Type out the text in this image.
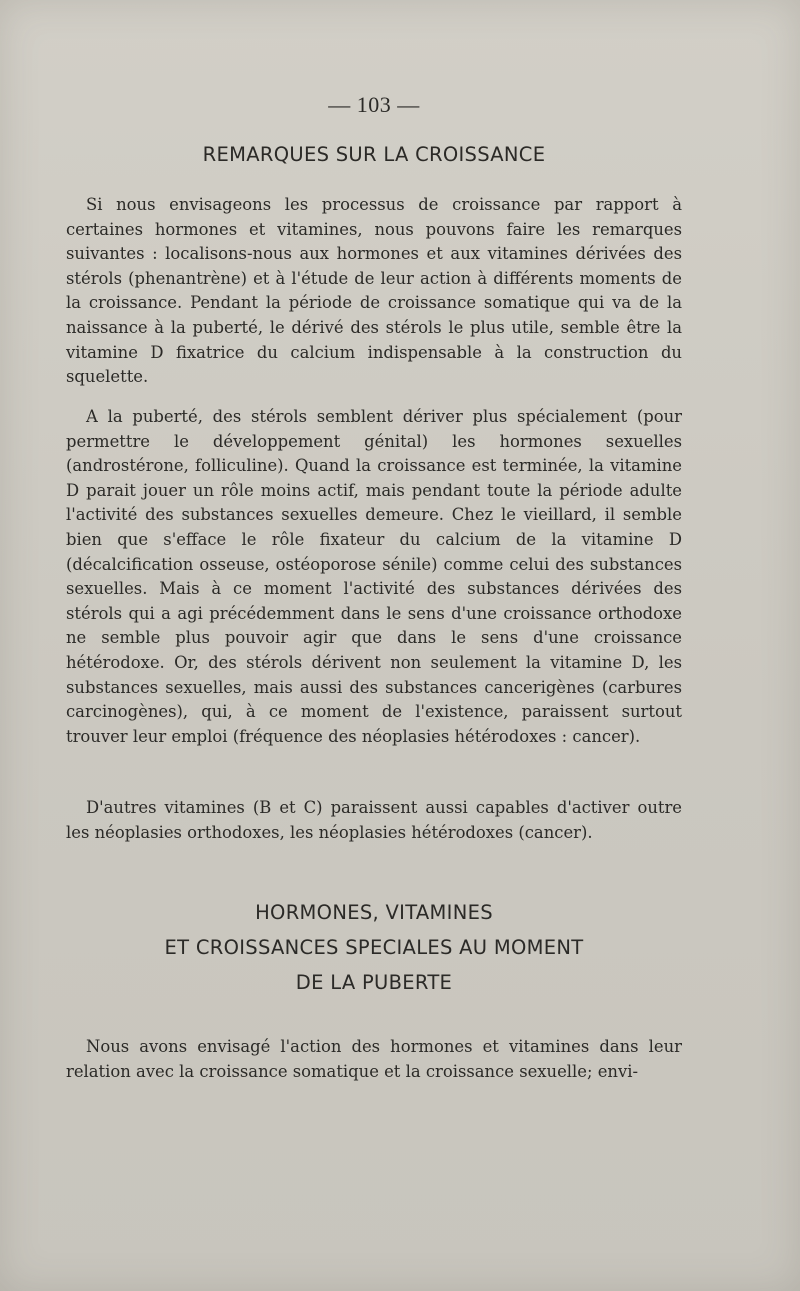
— 103 —
REMARQUES SUR LA CROISSANCE

Si nous envisageons les processus de croissance par rapport à certaines hormones et vitamines, nous pouvons faire les remarques suivantes : localisons-nous aux hormones et aux vitamines dérivées des stérols (phenantrène) et à l'étude de leur action à différents moments de la croissance. Pendant la période de croissance somatique qui va de la naissance à la puberté, le dérivé des stérols le plus utile, semble être la vitamine D fixatrice du calcium indispensable à la construction du squelette.

A la puberté, des stérols semblent dériver plus spécialement (pour permettre le développement génital) les hormones sexuelles (androstérone, folliculine). Quand la croissance est terminée, la vitamine D parait jouer un rôle moins actif, mais pendant toute la période adulte l'activité des substances sexuelles demeure. Chez le vieillard, il semble bien que s'efface le rôle fixateur du calcium de la vitamine D (décalcification osseuse, ostéoporose sénile) comme celui des substances sexuelles. Mais à ce moment l'activité des substances dérivées des stérols qui a agi précédemment dans le sens d'une croissance orthodoxe ne semble plus pouvoir agir que dans le sens d'une croissance hétérodoxe. Or, des stérols dérivent non seulement la vitamine D, les substances sexuelles, mais aussi des substances cancerigènes (carbures carcinogènes), qui, à ce moment de l'existence, paraissent surtout trouver leur emploi (fréquence des néoplasies hétérodoxes : cancer).

D'autres vitamines (B et C) paraissent aussi capables d'activer outre les néoplasies orthodoxes, les néoplasies hétérodoxes (cancer).

HORMONES, VITAMINES
ET CROISSANCES SPECIALES AU MOMENT
DE LA PUBERTE

Nous avons envisagé l'action des hormones et vitamines dans leur relation avec la croissance somatique et la croissance sexuelle; envi-
